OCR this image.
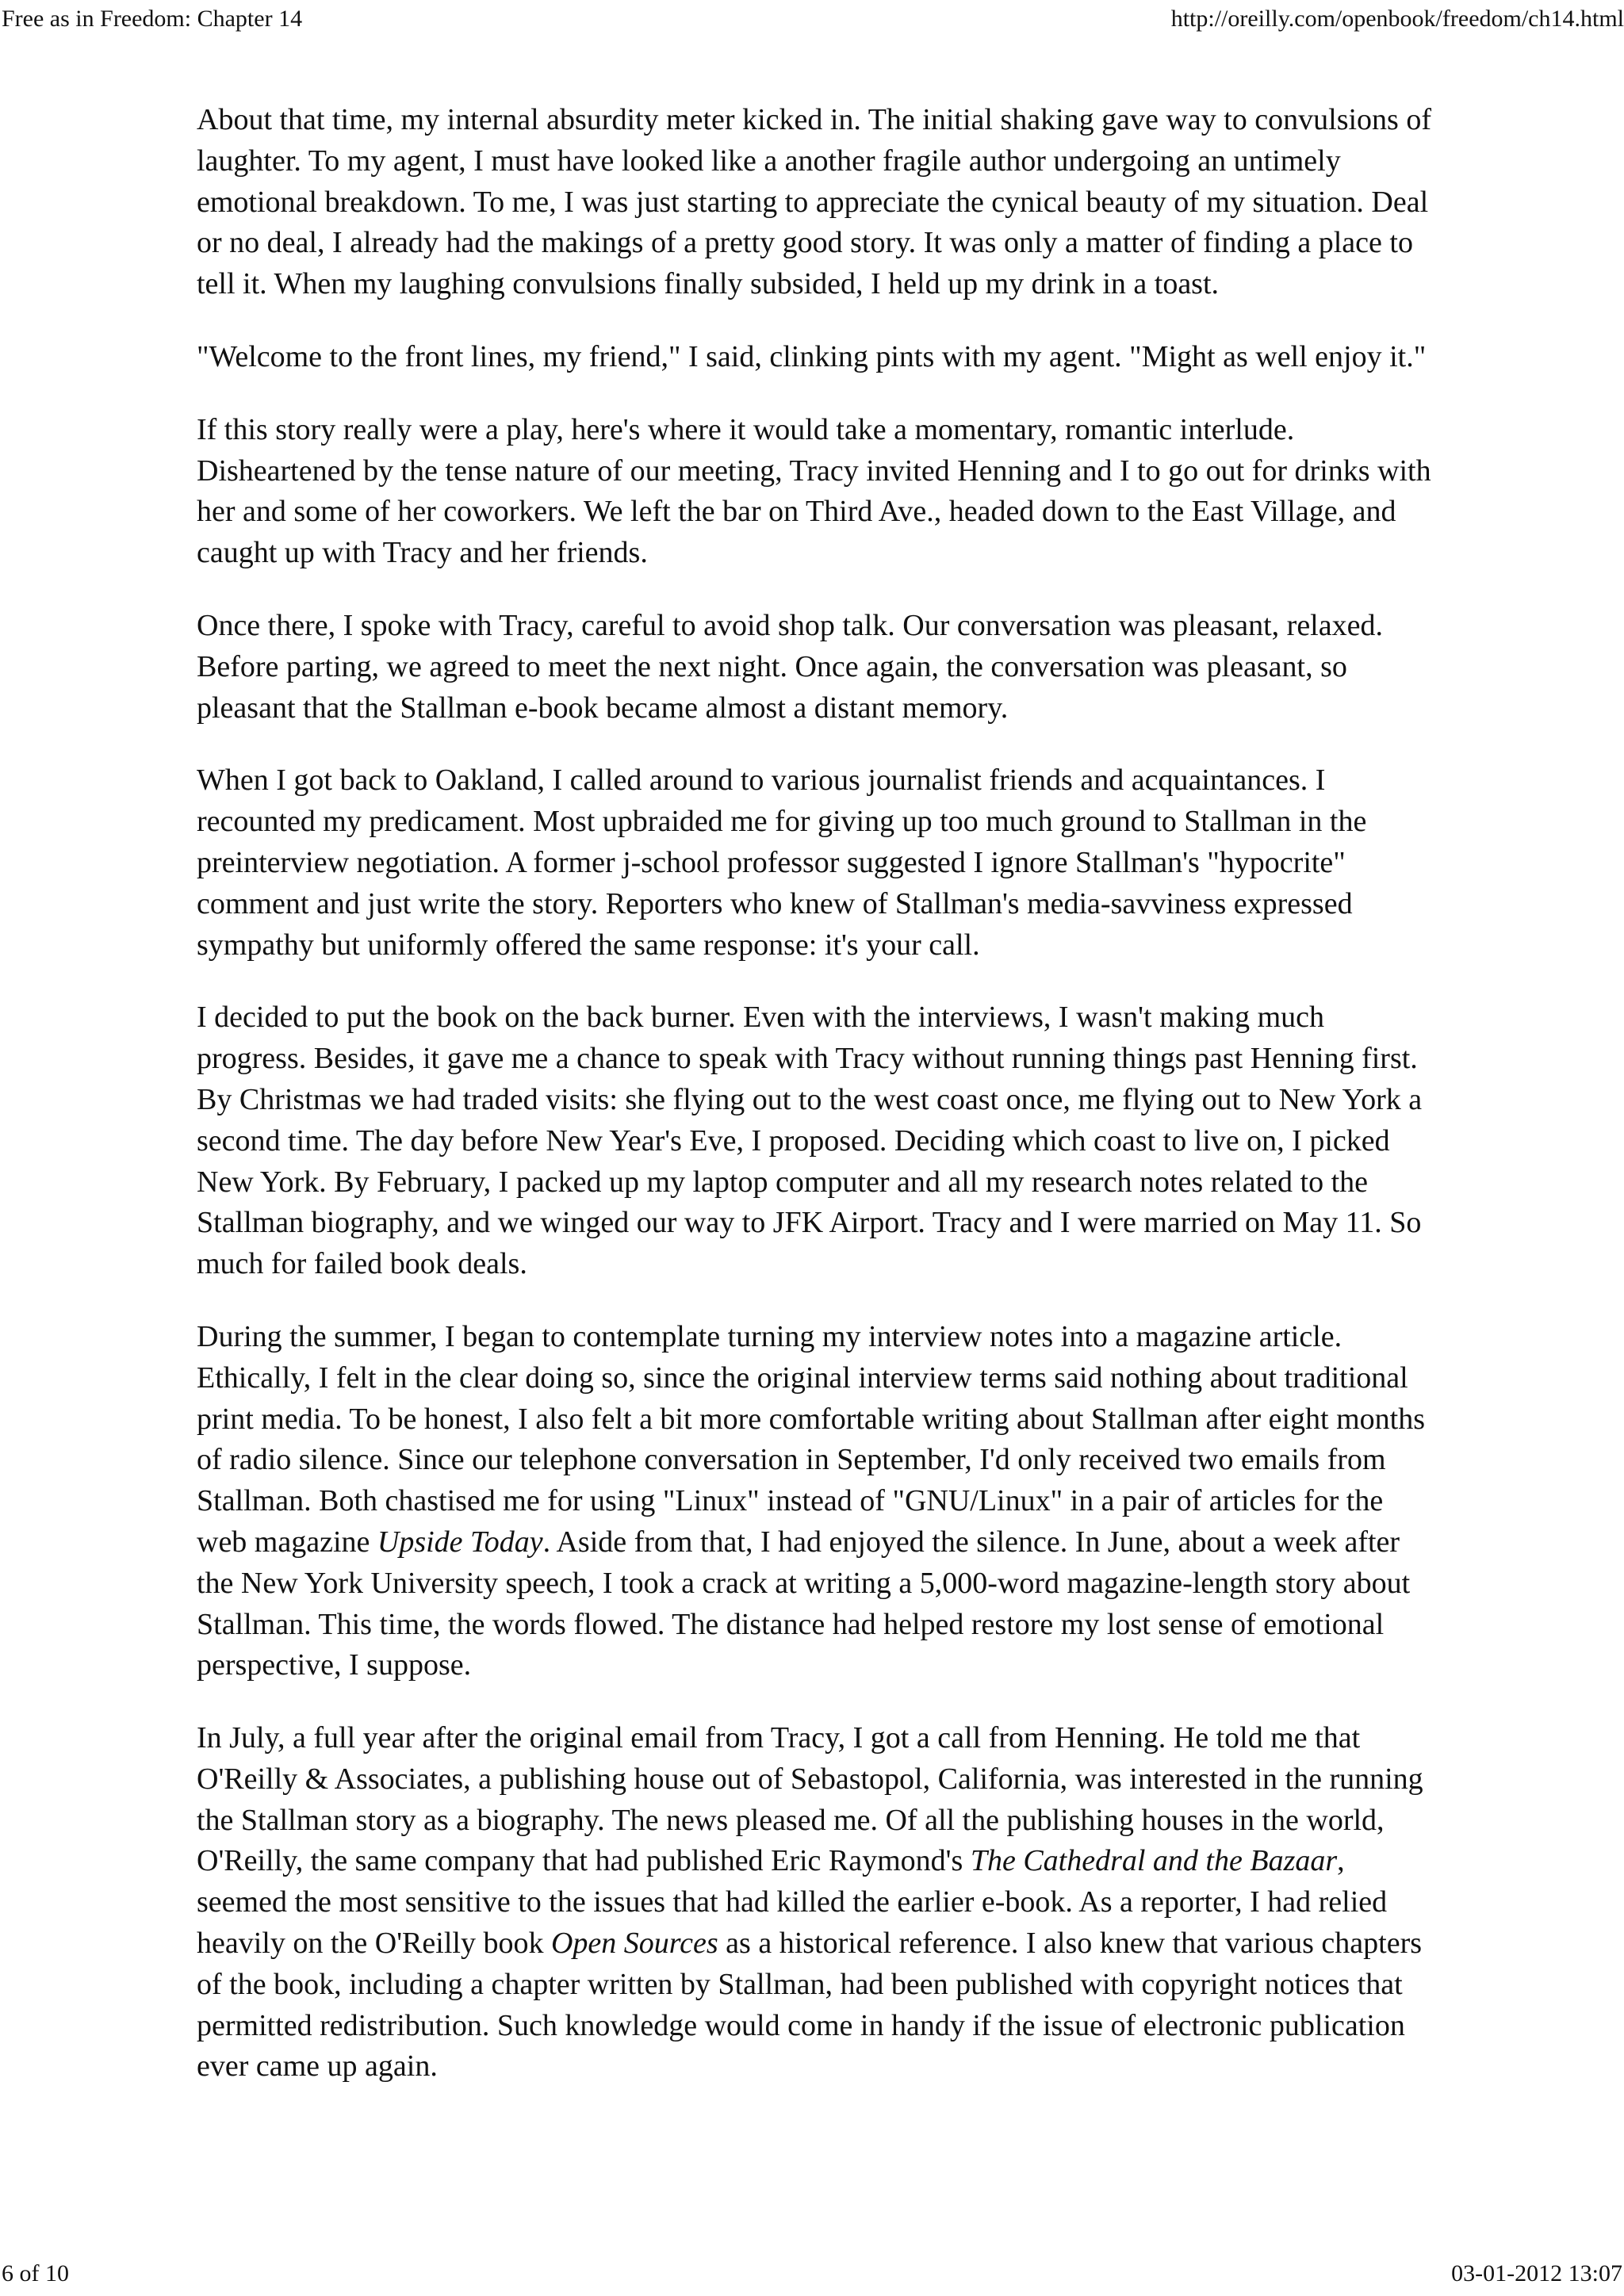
Free as in Freedom: Chapter 14	http://oreilly.com/openbook/freedom/ch14.html

About that time, my internal absurdity meter kicked in. The initial shaking gave way to convulsions of laughter. To my agent, I must have looked like a another fragile author undergoing an untimely emotional breakdown. To me, I was just starting to appreciate the cynical beauty of my situation. Deal or no deal, I already had the makings of a pretty good story. It was only a matter of finding a place to tell it. When my laughing convulsions finally subsided, I held up my drink in a toast.

"Welcome to the front lines, my friend," I said, clinking pints with my agent. "Might as well enjoy it."

If this story really were a play, here's where it would take a momentary, romantic interlude. Disheartened by the tense nature of our meeting, Tracy invited Henning and I to go out for drinks with her and some of her coworkers. We left the bar on Third Ave., headed down to the East Village, and caught up with Tracy and her friends.

Once there, I spoke with Tracy, careful to avoid shop talk. Our conversation was pleasant, relaxed. Before parting, we agreed to meet the next night. Once again, the conversation was pleasant, so pleasant that the Stallman e-book became almost a distant memory.

When I got back to Oakland, I called around to various journalist friends and acquaintances. I recounted my predicament. Most upbraided me for giving up too much ground to Stallman in the preinterview negotiation. A former j-school professor suggested I ignore Stallman's "hypocrite" comment and just write the story. Reporters who knew of Stallman's media-savviness expressed sympathy but uniformly offered the same response: it's your call.

I decided to put the book on the back burner. Even with the interviews, I wasn't making much progress. Besides, it gave me a chance to speak with Tracy without running things past Henning first. By Christmas we had traded visits: she flying out to the west coast once, me flying out to New York a second time. The day before New Year's Eve, I proposed. Deciding which coast to live on, I picked New York. By February, I packed up my laptop computer and all my research notes related to the Stallman biography, and we winged our way to JFK Airport. Tracy and I were married on May 11. So much for failed book deals.

During the summer, I began to contemplate turning my interview notes into a magazine article. Ethically, I felt in the clear doing so, since the original interview terms said nothing about traditional print media. To be honest, I also felt a bit more comfortable writing about Stallman after eight months of radio silence. Since our telephone conversation in September, I'd only received two emails from Stallman. Both chastised me for using "Linux" instead of "GNU/Linux" in a pair of articles for the web magazine Upside Today. Aside from that, I had enjoyed the silence. In June, about a week after the New York University speech, I took a crack at writing a 5,000-word magazine-length story about Stallman. This time, the words flowed. The distance had helped restore my lost sense of emotional perspective, I suppose.

In July, a full year after the original email from Tracy, I got a call from Henning. He told me that O'Reilly & Associates, a publishing house out of Sebastopol, California, was interested in the running the Stallman story as a biography. The news pleased me. Of all the publishing houses in the world, O'Reilly, the same company that had published Eric Raymond's The Cathedral and the Bazaar, seemed the most sensitive to the issues that had killed the earlier e-book. As a reporter, I had relied heavily on the O'Reilly book Open Sources as a historical reference. I also knew that various chapters of the book, including a chapter written by Stallman, had been published with copyright notices that permitted redistribution. Such knowledge would come in handy if the issue of electronic publication ever came up again.

6 of 10	03-01-2012 13:07
